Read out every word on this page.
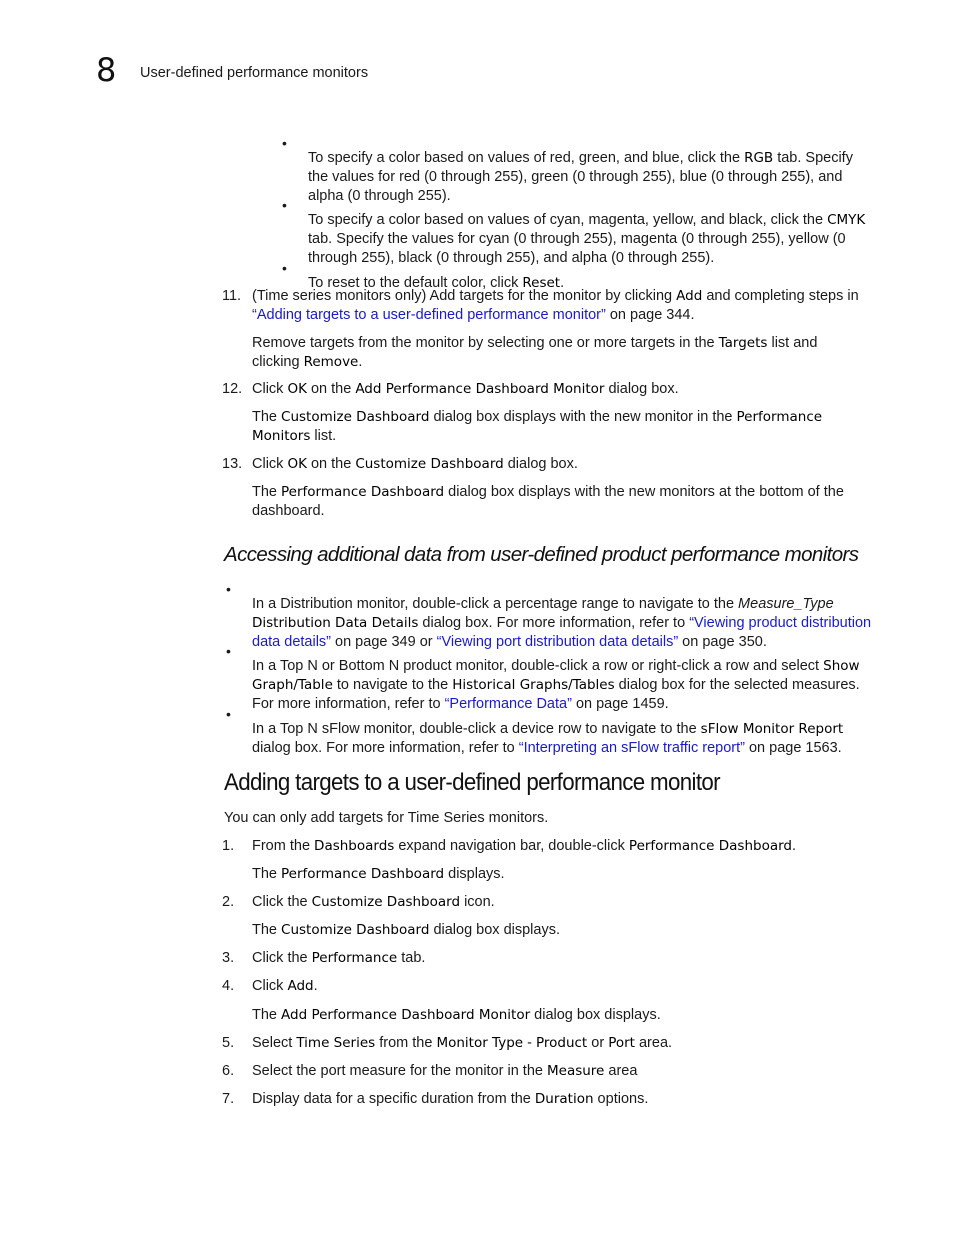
8 User-defined performance monitors
•

To specify a color based on values of red, green, and blue, click the RGB tab. Specify the values for red (0 through 255), green (0 through 255), blue (0 through 255), and alpha (0 through 255).

•

To specify a color based on values of cyan, magenta, yellow, and black, click the CMYK tab. Specify the values for cyan (0 through 255), magenta (0 through 255), yellow (0 through 255), black (0 through 255), and alpha (0 through 255).

•

To reset to the default color, click Reset.

11. (Time series monitors only) Add targets for the monitor by clicking Add and completing steps in “Adding targets to a user-defined performance monitor” on page 344.

Remove targets from the monitor by selecting one or more targets in the Targets list and clicking Remove.

12. Click OK on the Add Performance Dashboard Monitor dialog box.

The Customize Dashboard dialog box displays with the new monitor in the Performance Monitors list.

13. Click OK on the Customize Dashboard dialog box.

The Performance Dashboard dialog box displays with the new monitors at the bottom of the dashboard.

Accessing additional data from user-defined product performance monitors
•

In a Distribution monitor, double-click a percentage range to navigate to the Measure_Type Distribution Data Details dialog box. For more information, refer to “Viewing product distribution data details” on page 349 or “Viewing port distribution data details” on page 350.

•

In a Top N or Bottom N product monitor, double-click a row or right-click a row and select Show Graph/Table to navigate to the Historical Graphs/Tables dialog box for the selected measures. For more information, refer to “Performance Data” on page 1459.

•

In a Top N sFlow monitor, double-click a device row to navigate to the sFlow Monitor Report dialog box. For more information, refer to “Interpreting an sFlow traffic report” on page 1563.

Adding targets to a user-defined performance monitor
You can only add targets for Time Series monitors.
1.	From the Dashboards expand navigation bar, double-click Performance Dashboard.

The Performance Dashboard displays.

2.	Click the Customize Dashboard icon.

The Customize Dashboard dialog box displays.

3.	Click the Performance tab.

4.	Click Add.

The Add Performance Dashboard Monitor dialog box displays.

5.	Select Time Series from the Monitor Type - Product or Port area.

6.	Select the port measure for the monitor in the Measure area

7.	Display data for a specific duration from the Duration options.
